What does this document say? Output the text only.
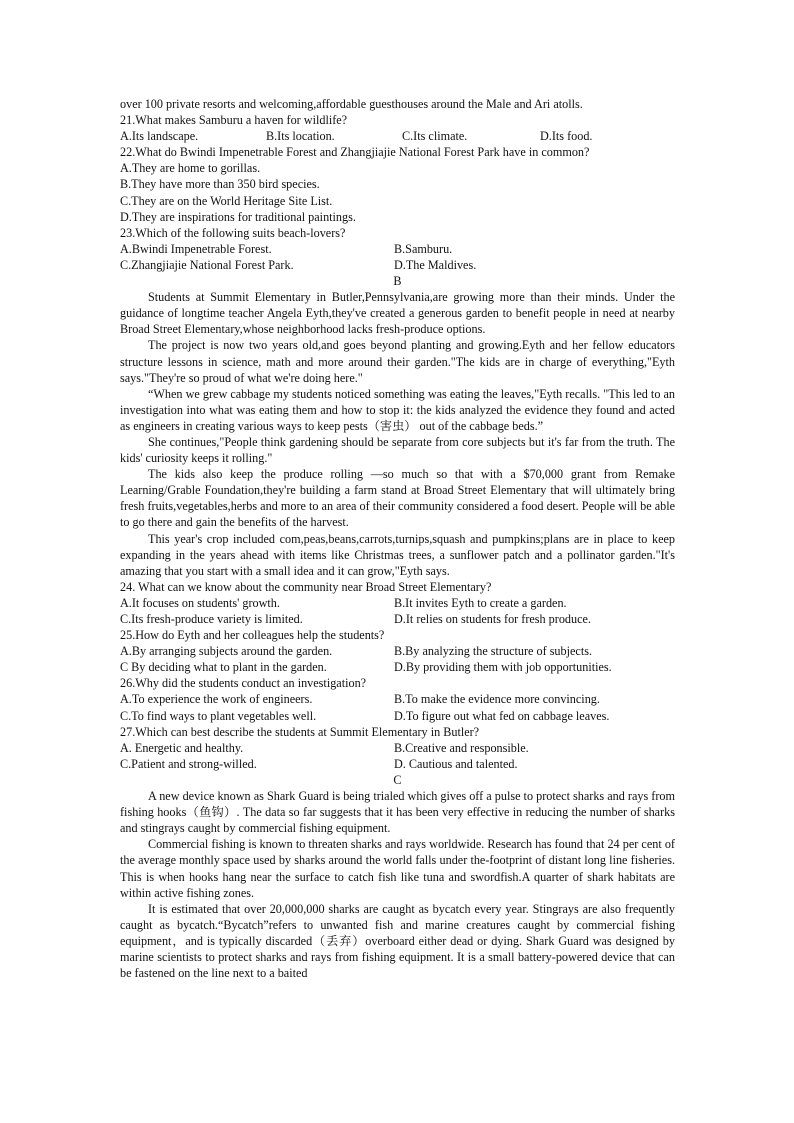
over 100 private resorts and welcoming,affordable guesthouses around the Male and Ari atolls.
21.What makes Samburu a haven for wildlife?
A.Its landscape.	B.Its location.	C.Its climate.	D.Its food.
22.What do Bwindi Impenetrable Forest and Zhangjiajie National Forest Park have in common?
A.They are home to gorillas.
B.They have more than 350 bird species.
C.They are on the World Heritage Site List.
D.They are inspirations for traditional paintings.
23.Which of the following suits beach-lovers?
A.Bwindi Impenetrable Forest.	B.Samburu.
C.Zhangjiajie National Forest Park.	D.The Maldives.
B
Students at Summit Elementary in Butler,Pennsylvania,are growing more than their minds. Under the guidance of longtime teacher Angela Eyth,they've created a generous garden to benefit people in need at nearby Broad Street Elementary,whose neighborhood lacks fresh-produce options.
The project is now two years old,and goes beyond planting and growing.Eyth and her fellow educators structure lessons in science, math and more around their garden."The kids are in charge of everything,"Eyth says."They're so proud of what we're doing here."
“When we grew cabbage my students noticed something was eating the leaves,"Eyth recalls. "This led to an investigation into what was eating them and how to stop it: the kids analyzed the evidence they found and acted as engineers in creating various ways to keep pests（害虫） out of the cabbage beds.”
She continues,"People think gardening should be separate from core subjects but it's far from the truth. The kids' curiosity keeps it rolling."
The kids also keep the produce rolling —so much so that with a $70,000 grant from Remake Learning/Grable Foundation,they're building a farm stand at Broad Street Elementary that will ultimately bring fresh fruits,vegetables,herbs and more to an area of their community considered a food desert. People will be able to go there and gain the benefits of the harvest.
This year's crop included com,peas,beans,carrots,turnips,squash and pumpkins;plans are in place to keep expanding in the years ahead with items like Christmas trees, a sunflower patch and a pollinator garden."It's amazing that you start with a small idea and it can grow,"Eyth says.
24. What can we know about the community near Broad Street Elementary?
A.It focuses on students' growth.	B.It invites Eyth to create a garden.
C.Its fresh-produce variety is limited.	D.It relies on students for fresh produce.
25.How do Eyth and her colleagues help the students?
A.By arranging subjects around the garden.	B.By analyzing the structure of subjects.
C By deciding what to plant in the garden.	D.By providing them with job opportunities.
26.Why did the students conduct an investigation?
A.To experience the work of engineers.	B.To make the evidence more convincing.
C.To find ways to plant vegetables well.	D.To figure out what fed on cabbage leaves.
27.Which can best describe the students at Summit Elementary in Butler?
A. Energetic and healthy.	B.Creative and responsible.
C.Patient and strong-willed.	D. Cautious and talented.
C
A new device known as Shark Guard is being trialed which gives off a pulse to protect sharks and rays from fishing hooks（鱼钩）. The data so far suggests that it has been very effective in reducing the number of sharks and stingrays caught by commercial fishing equipment.
Commercial fishing is known to threaten sharks and rays worldwide. Research has found that 24 per cent of the average monthly space used by sharks around the world falls under the-footprint of distant long line fisheries. This is when hooks hang near the surface to catch fish like tuna and swordfish.A quarter of shark habitats are within active fishing zones.
It is estimated that over 20,000,000 sharks are caught as bycatch every year. Stingrays are also frequently caught as bycatch.“Bycatch”refers to unwanted fish and marine creatures caught by commercial fishing equipment，and is typically discarded（丢弃）overboard either dead or dying. Shark Guard was designed by marine scientists to protect sharks and rays from fishing equipment. It is a small battery-powered device that can be fastened on the line next to a baited
